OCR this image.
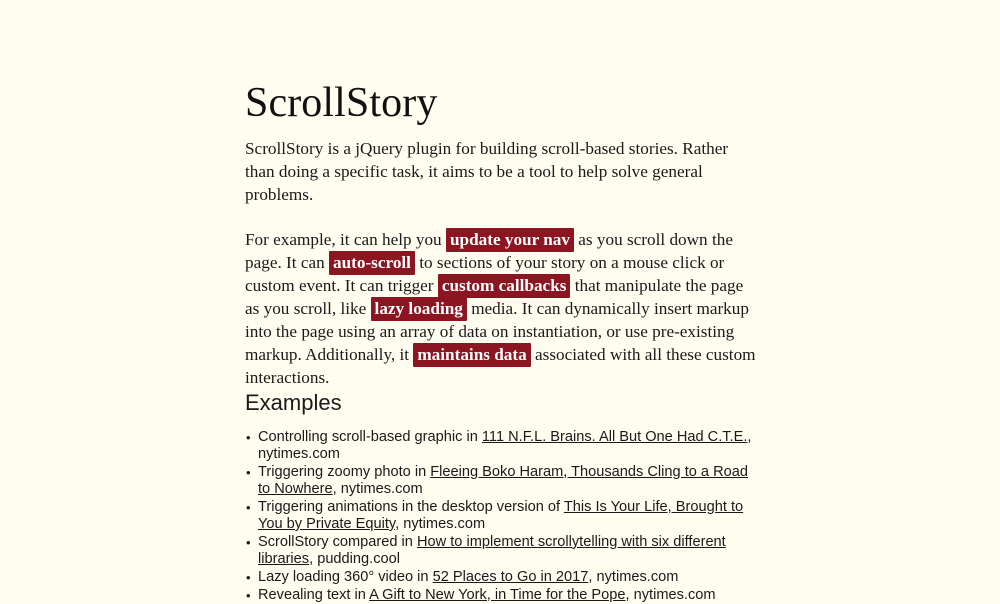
ScrollStory

ScrollStory is a jQuery plugin for building scroll-based stories. Rather than doing a specific task, it aims to be a tool to help solve general problems.

For example, it can help you update your nav as you scroll down the page. It can auto-scroll to sections of your story on a mouse click or custom event. It can trigger custom callbacks that manipulate the page as you scroll, like lazy loading media. It can dynamically insert markup into the page using an array of data on instantiation, or use pre-existing markup. Additionally, it maintains data associated with all these custom interactions.

Examples
• Controlling scroll-based graphic in 111 N.F.L. Brains. All But One Had C.T.E., nytimes.com
• Triggering zoomy photo in Fleeing Boko Haram, Thousands Cling to a Road to Nowhere, nytimes.com
• Triggering animations in the desktop version of This Is Your Life, Brought to You by Private Equity, nytimes.com
• ScrollStory compared in How to implement scrollytelling with six different libraries, pudding.cool
• Lazy loading 360° video in 52 Places to Go in 2017, nytimes.com
• Revealing text in A Gift to New York, in Time for the Pope, nytimes.com
